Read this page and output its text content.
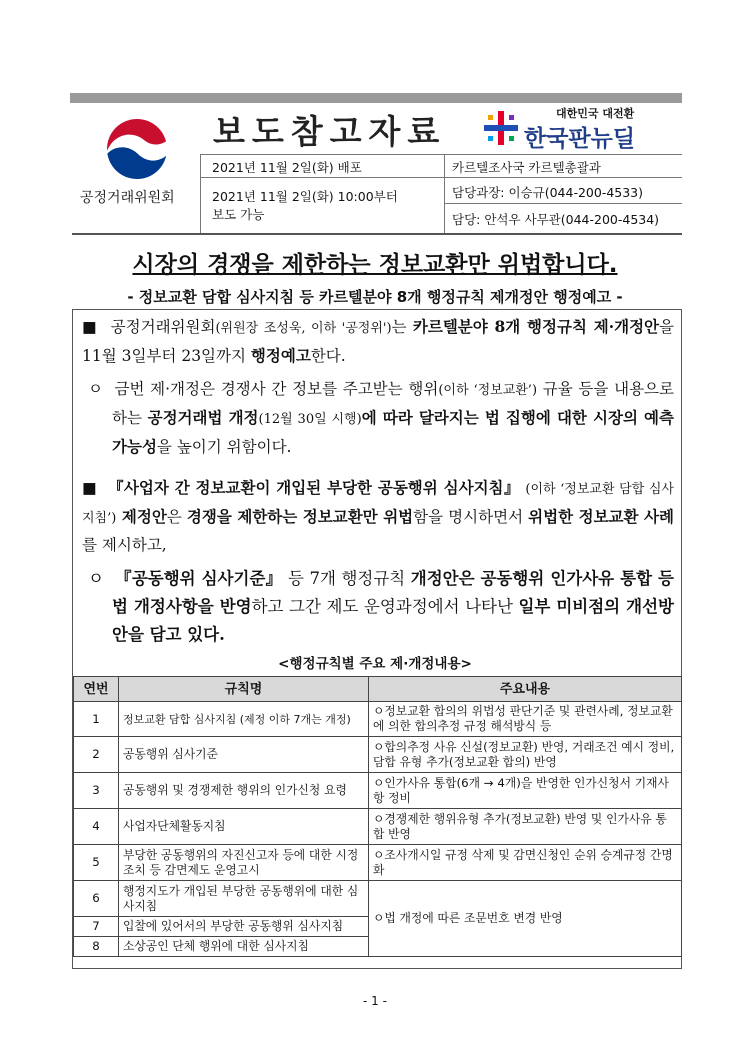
공정거래위원회
보도참고자료	대한민국 대전환
한국판뉴딜
2021년 11월 2일(화) 배포
2021년 11월 2일(화) 10:00부터
보도 가능
카르텔조사국 카르텔총괄과
담당과장: 이승규(044-200-4533)
담당: 안석우 사무관(044-200-4534)
시장의 경쟁을 제한하는 정보교환만 위법합니다.
- 정보교환 담합 심사지침 등 카르텔분야 8개 행정규칙 제개정안 행정예고 -
■ 공정거래위원회(위원장 조성욱, 이하 '공정위')는 카르텔분야 8개 행정규칙 제·개정안을 11월 3일부터 23일까지 행정예고한다.
ㅇ 금번 제·개정은 경쟁사 간 정보를 주고받는 행위(이하 ‘정보교환’) 규율 등을 내용으로 하는 공정거래법 개정(12월 30일 시행)에 따라 달라지는 법 집행에 대한 시장의 예측가능성을 높이기 위함이다.
■ 『사업자 간 정보교환이 개입된 부당한 공동행위 심사지침』 (이하 ‘정보교환 담합 심사지침’) 제정안은 경쟁을 제한하는 정보교환만 위법함을 명시하면서 위법한 정보교환 사례를 제시하고,
ㅇ 『공동행위 심사기준』 등 7개 행정규칙 개정안은 공동행위 인가사유 통합 등 법 개정사항을 반영하고 그간 제도 운영과정에서 나타난 일부 미비점의 개선방안을 담고 있다.
<행정규칙별 주요 제·개정내용>
연번	규칙명	주요내용
1	정보교환 담합 심사지침 (제정 이하 7개는 개정)	ㅇ정보교환 합의의 위법성 판단기준 및 관련사례, 정보교환에 의한 합의추정 규정 해석방식 등
2	공동행위 심사기준	ㅇ합의추정 사유 신설(정보교환) 반영, 거래조건 예시 정비, 담합 유형 추가(정보교환 합의) 반영
3	공동행위 및 경쟁제한 행위의 인가신청 요령	ㅇ인가사유 통합(6개 → 4개)을 반영한 인가신청서 기재사항 정비
4	사업자단체활동지침	ㅇ경쟁제한 행위유형 추가(정보교환) 반영 및 인가사유 통합 반영
5	부당한 공동행위의 자진신고자 등에 대한 시정조치 등 감면제도 운영고시	ㅇ조사개시일 규정 삭제 및 감면신청인 순위 승계규정 간명화
6	행정지도가 개입된 부당한 공동행위에 대한 심사지침	ㅇ법 개정에 따른 조문번호 변경 반영
7	입찰에 있어서의 부당한 공동행위 심사지침	
8	소상공인 단체 행위에 대한 심사지침	
- 1 -
